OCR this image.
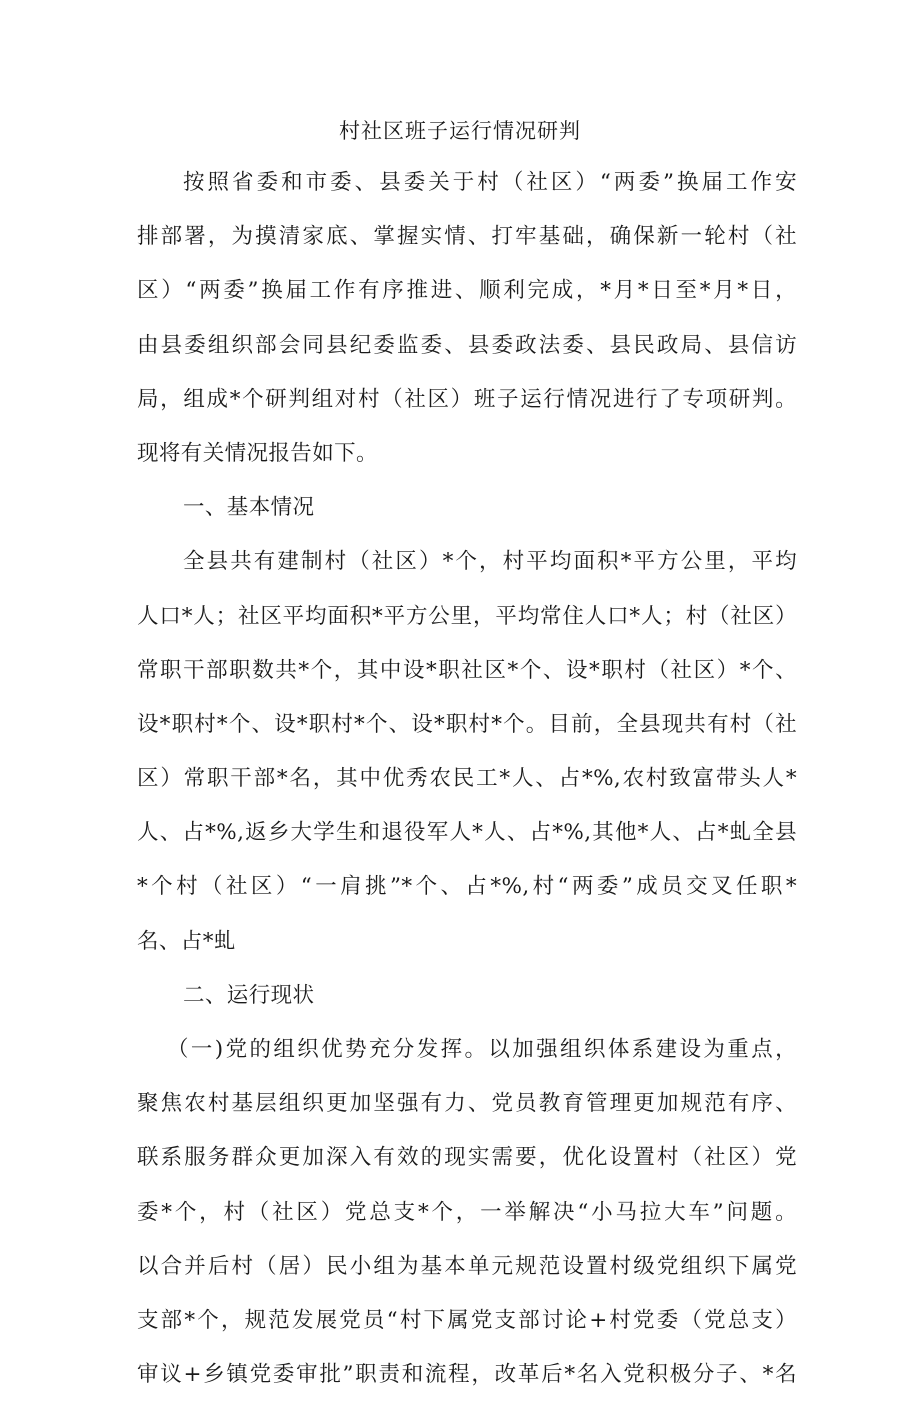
村社区班子运行情况研判
按照省委和市委、县委关于村（社区）“两委”换届工作安
排部署，为摸清家底、掌握实情、打牢基础，确保新一轮村（社
区）“两委”换届工作有序推进、顺利完成，*月*日至*月*日，
由县委组织部会同县纪委监委、县委政法委、县民政局、县信访
局，组成*个研判组对村（社区）班子运行情况进行了专项研判。
现将有关情况报告如下。
一、基本情况
全县共有建制村（社区）*个，村平均面积*平方公里，平均
人口*人；社区平均面积*平方公里，平均常住人口*人；村（社区）
常职干部职数共*个，其中设*职社区*个、设*职村（社区）*个、
设*职村*个、设*职村*个、设*职村*个。目前，全县现共有村（社
区）常职干部*名，其中优秀农民工*人、占*%,农村致富带头人*
人、占*%,返乡大学生和退役军人*人、占*%,其他*人、占*虬全县
*个村（社区）“一肩挑”*个、占*%,村“两委”成员交叉任职*
名、占*虬
二、运行现状
（一)党的组织优势充分发挥。以加强组织体系建设为重点，
聚焦农村基层组织更加坚强有力、党员教育管理更加规范有序、
联系服务群众更加深入有效的现实需要，优化设置村（社区）党
委*个，村（社区）党总支*个，一举解决“小马拉大车”问题。
以合并后村（居）民小组为基本单元规范设置村级党组织下属党
支部*个，规范发展党员“村下属党支部讨论+村党委（党总支）
审议+乡镇党委审批”职责和流程，改革后*名入党积极分子、*名
